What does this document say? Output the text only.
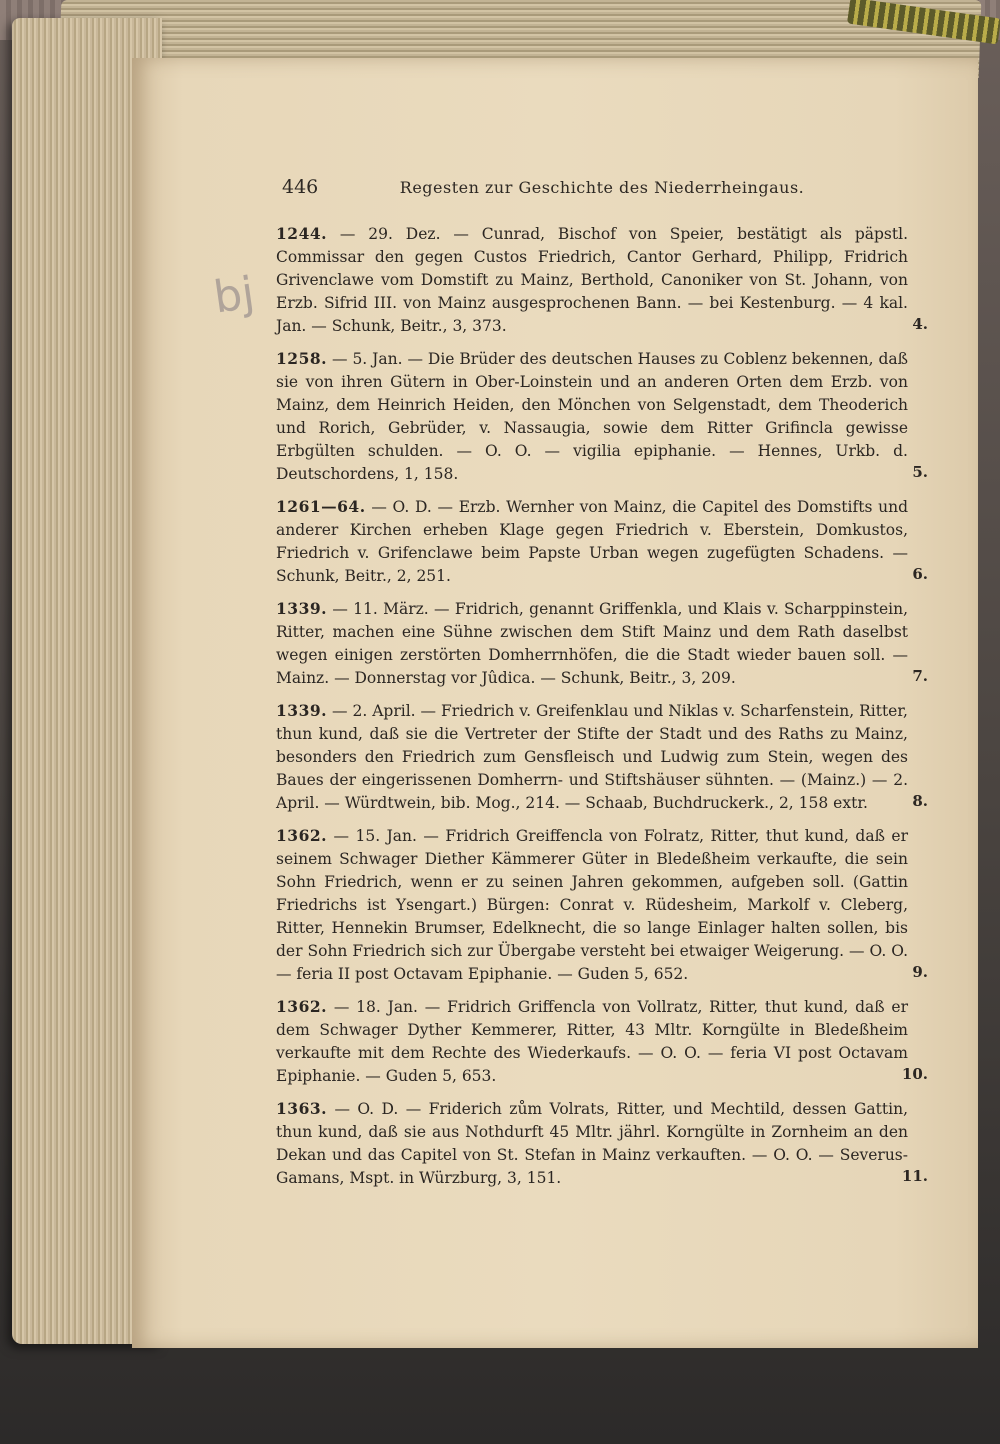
bj
446	Regesten zur Geschichte des Niederrheingaus.
1244. — 29. Dez. — Cunrad, Bischof von Speier, bestätigt als päpstl. Commissar den gegen Custos Friedrich, Cantor Gerhard, Philipp, Fridrich Grivenclawe vom Domstift zu Mainz, Berthold, Canoniker von St. Johann, von Erzb. Sifrid III. von Mainz ausgesprochenen Bann. — bei Kestenburg. — 4 kal. Jan. — Schunk, Beitr., 3, 373.	4.
1258. — 5. Jan. — Die Brüder des deutschen Hauses zu Coblenz bekennen, daß sie von ihren Gütern in Ober-Loinstein und an anderen Orten dem Erzb. von Mainz, dem Heinrich Heiden, den Mönchen von Selgenstadt, dem Theoderich und Rorich, Gebrüder, v. Nassaugia, sowie dem Ritter Grifincla gewisse Erbgülten schulden. — O. O. — vigilia epiphanie. — Hennes, Urkb. d. Deutschordens, 1, 158.	5.
1261—64. — O. D. — Erzb. Wernher von Mainz, die Capitel des Domstifts und anderer Kirchen erheben Klage gegen Friedrich v. Eberstein, Domkustos, Friedrich v. Grifenclawe beim Papste Urban wegen zugefügten Schadens. — Schunk, Beitr., 2, 251.	6.
1339. — 11. März. — Fridrich, genannt Griffenkla, und Klais v. Scharppinstein, Ritter, machen eine Sühne zwischen dem Stift Mainz und dem Rath daselbst wegen einigen zerstörten Domherrnhöfen, die die Stadt wieder bauen soll. — Mainz. — Donnerstag vor Jûdica. — Schunk, Beitr., 3, 209.	7.
1339. — 2. April. — Friedrich v. Greifenklau und Niklas v. Scharfenstein, Ritter, thun kund, daß sie die Vertreter der Stifte der Stadt und des Raths zu Mainz, besonders den Friedrich zum Gensfleisch und Ludwig zum Stein, wegen des Baues der eingerissenen Domherrn- und Stiftshäuser sühnten. — (Mainz.) — 2. April. — Würdtwein, bib. Mog., 214. — Schaab, Buchdruckerk., 2, 158 extr.	8.
1362. — 15. Jan. — Fridrich Greiffencla von Folratz, Ritter, thut kund, daß er seinem Schwager Diether Kämmerer Güter in Bledeßheim verkaufte, die sein Sohn Friedrich, wenn er zu seinen Jahren gekommen, aufgeben soll. (Gattin Friedrichs ist Ysengart.) Bürgen: Conrat v. Rüdesheim, Markolf v. Cleberg, Ritter, Hennekin Brumser, Edelknecht, die so lange Einlager halten sollen, bis der Sohn Friedrich sich zur Übergabe versteht bei etwaiger Weigerung. — O. O. — feria II post Octavam Epiphanie. — Guden 5, 652.	9.
1362. — 18. Jan. — Fridrich Griffencla von Vollratz, Ritter, thut kund, daß er dem Schwager Dyther Kemmerer, Ritter, 43 Mltr. Korngülte in Bledeßheim verkaufte mit dem Rechte des Wiederkaufs. — O. O. — feria VI post Octavam Epiphanie. — Guden 5, 653.	10.
1363. — O. D. — Friderich zům Volrats, Ritter, und Mechtild, dessen Gattin, thun kund, daß sie aus Nothdurft 45 Mltr. jährl. Korngülte in Zornheim an den Dekan und das Capitel von St. Stefan in Mainz verkauften. — O. O. — Severus-Gamans, Mspt. in Würzburg, 3, 151.	11.
